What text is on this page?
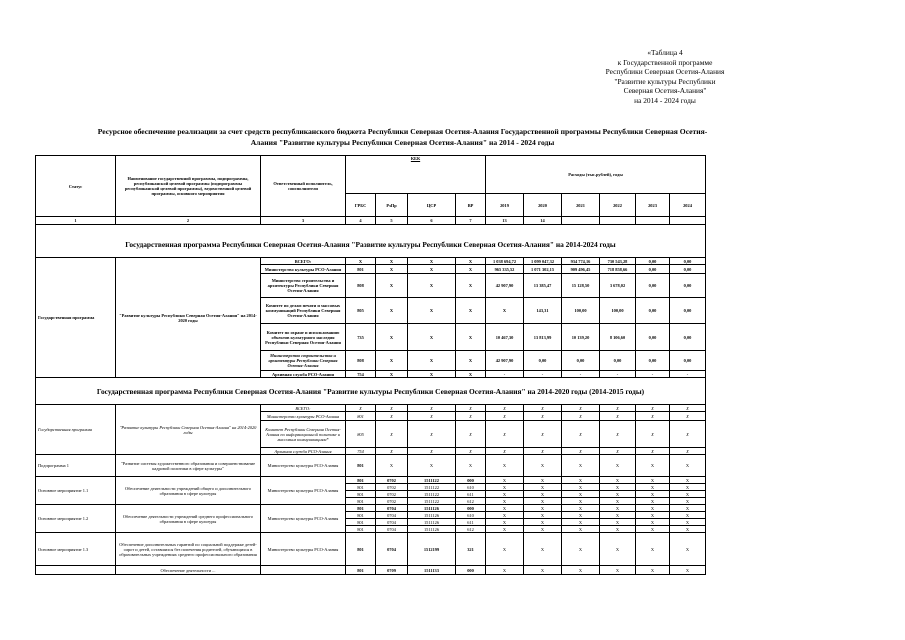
«Таблица 4
к Государственной программе
Республики Северная Осетия-Алания
"Развитие культуры Республики
Северная Осетия-Алания"
на 2014 - 2024 годы
Ресурсное обеспечение реализации за счет средств республиканского бюджета Республики Северная Осетия-Алания Государственной программы Республики Северная Осетия-
Алания "Развитие культуры Республики Северная Осетия-Алания" на 2014 - 2024 годы
Статус	Наименование государственной программы, подпрограммы, республиканской целевой программы (подпрограммы республиканской целевой программы), ведомственной целевой программы, основного мероприятия	Ответственный исполнитель, соисполнители	КБК				Расходы (тыс.рублей), годы					
			ГРБС	РзПр	ЦСР	ВР	2019	2020	2021	2022	2023	2024
1	2	3	4	5	6	7	13	14				
Государственная программа Республики Северная Осетия-Алания "Развитие культуры Республики Северная Осетия-Алания" на 2014-2024 годы												
Государственная программа	"Развитие культуры Республики Северная Осетия-Алания" на 2014-2020 годы	ВСЕГО:	Х	Х	Х	Х	1 038 694,72	1 099 047,32	934 774,16	730 543,28	0,00	0,00
		Министерство культуры РСО-Алания	801	Х	Х	Х	965 335,52	1 071 302,15	909 496,45	718 858,66	0,00	0,00
		Министерство строительства и архитектуры Республики Северная Осетия-Алания	808	Х	Х	Х	42 907,90	13 385,47	15 128,50	3 678,02	0,00	0,00
		Комитет по делам печати и массовых коммуникаций Республики Северная Осетия-Алания	805	Х	Х	Х	Х	143,31	100,00	100,00	0,00	0,00
		Комитет по охране и использованию объектов культурного наследия Республики Северная Осетия-Алания	735	Х	Х	Х	10 467,30	13 813,99	10 139,20	8 106,60	0,00	0,00
		Министерство строительства и архитектуры Республики Северная Осетия-Алания	808	Х	Х	Х	42 907,90	0,00	0,00	0,00	0,00	0,00
		Архивная служба РСО-Алания	754	Х	Х	Х	-	-	-	-	-	-
Государственная программа Республики Северная Осетия-Алания "Развитие культуры Республики Северная Осетия-Алания" на 2014-2020 годы (2014-2015 годы)												
Государственная программа	"Развитие культуры Республики Северная Осетия-Алания" на 2014-2020 годы	ВСЕГО:	Х	Х	Х	Х	Х	Х	Х	Х	Х	Х
		Министерство культуры РСО-Алания	801	Х	Х	Х	Х	Х	Х	Х	Х	Х
		Комитет Республики Северная Осетия-Алания по информационной политике и массовым коммуникациям*	805	Х	Х	Х	Х	Х	Х	Х	Х	Х
		Архивная служба РСО-Алания	754	Х	Х	Х	Х	Х	Х	Х	Х	Х
Подпрограмма 1	"Развитие системы художественного образования и совершенствование кадровой политики в сфере культуры"	Министерство культуры РСО-Алания	801	Х	Х	Х	Х	Х	Х	Х	Х	Х
Основное мероприятие 1.1	Обеспечение деятельности учреждений общего и дополнительного образования в сфере культуры	Министерство культуры РСО-Алания	801	0702	1511122	000	Х	Х	Х	Х	Х	Х
			801	0702	1511122	610	Х	Х	Х	Х	Х	Х
			801	0702	1511122	611	Х	Х	Х	Х	Х	Х
			801	0702	1511122	612	Х	Х	Х	Х	Х	Х
Основное мероприятие 1.2	Обеспечение деятельности учреждений среднего профессионального образования в сфере культуры	Министерство культуры РСО-Алания	801	0704	1511126	000	Х	Х	Х	Х	Х	Х
			801	0704	1511126	610	Х	Х	Х	Х	Х	Х
			801	0704	1511126	611	Х	Х	Х	Х	Х	Х
			801	0704	1511126	612	Х	Х	Х	Х	Х	Х
Основное мероприятие 1.3	Обеспечение дополнительных гарантий по социальной поддержке детей-сирот и детей, оставшихся без попечения родителей, обучающихся в образовательных учреждениях среднего профессионального образования	Министерство культуры РСО-Алания	801	0704	1512199	321	Х	Х	Х	Х	Х	Х
	Обеспечение деятельности ...		801	0709	1511133	000	Х	Х	Х	Х	Х	Х
